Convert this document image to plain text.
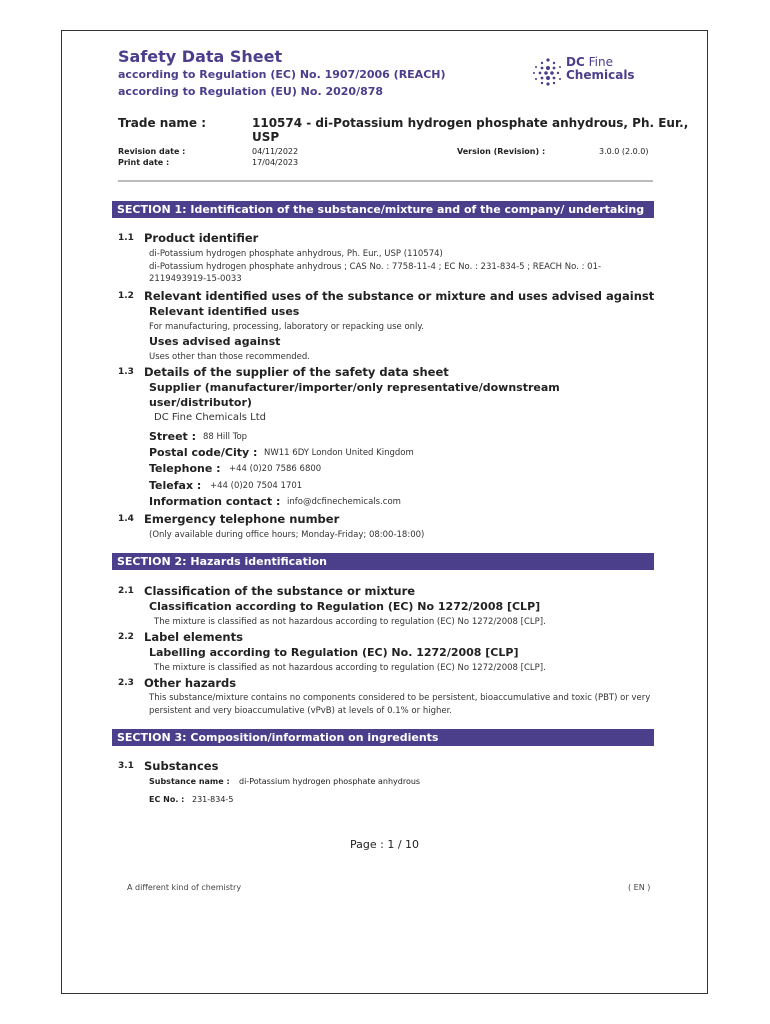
Safety Data Sheet
according to Regulation (EC) No. 1907/2006 (REACH)
according to Regulation (EU) No. 2020/878
DC Fine
Chemicals
Trade name :	110574 - di-Potassium hydrogen phosphate anhydrous, Ph. Eur.,
USP
Revision date :	04/11/2022	Version (Revision) :	3.0.0 (2.0.0)
Print date :	17/04/2023
SECTION 1: Identification of the substance/mixture and of the company/ undertaking
1.1 Product identifier
di-Potassium hydrogen phosphate anhydrous, Ph. Eur., USP (110574)
di-Potassium hydrogen phosphate anhydrous ; CAS No. : 7758-11-4 ; EC No. : 231-834-5 ; REACH No. : 01-
2119493919-15-0033
1.2 Relevant identified uses of the substance or mixture and uses advised against
Relevant identified uses
For manufacturing, processing, laboratory or repacking use only.
Uses advised against
Uses other than those recommended.
1.3 Details of the supplier of the safety data sheet
Supplier (manufacturer/importer/only representative/downstream
user/distributor)
DC Fine Chemicals Ltd
Street : 88 Hill Top
Postal code/City : NW11 6DY London United Kingdom
Telephone : +44 (0)20 7586 6800
Telefax : +44 (0)20 7504 1701
Information contact : info@dcfinechemicals.com
1.4 Emergency telephone number
(Only available during office hours; Monday-Friday; 08:00-18:00)
SECTION 2: Hazards identification
2.1 Classification of the substance or mixture
Classification according to Regulation (EC) No 1272/2008 [CLP]
The mixture is classified as not hazardous according to regulation (EC) No 1272/2008 [CLP].
2.2 Label elements
Labelling according to Regulation (EC) No. 1272/2008 [CLP]
The mixture is classified as not hazardous according to regulation (EC) No 1272/2008 [CLP].
2.3 Other hazards
This substance/mixture contains no components considered to be persistent, bioaccumulative and toxic (PBT) or very
persistent and very bioaccumulative (vPvB) at levels of 0.1% or higher.
SECTION 3: Composition/information on ingredients
3.1 Substances
Substance name : di-Potassium hydrogen phosphate anhydrous
EC No. : 231-834-5
Page : 1 / 10
A different kind of chemistry	( EN )
